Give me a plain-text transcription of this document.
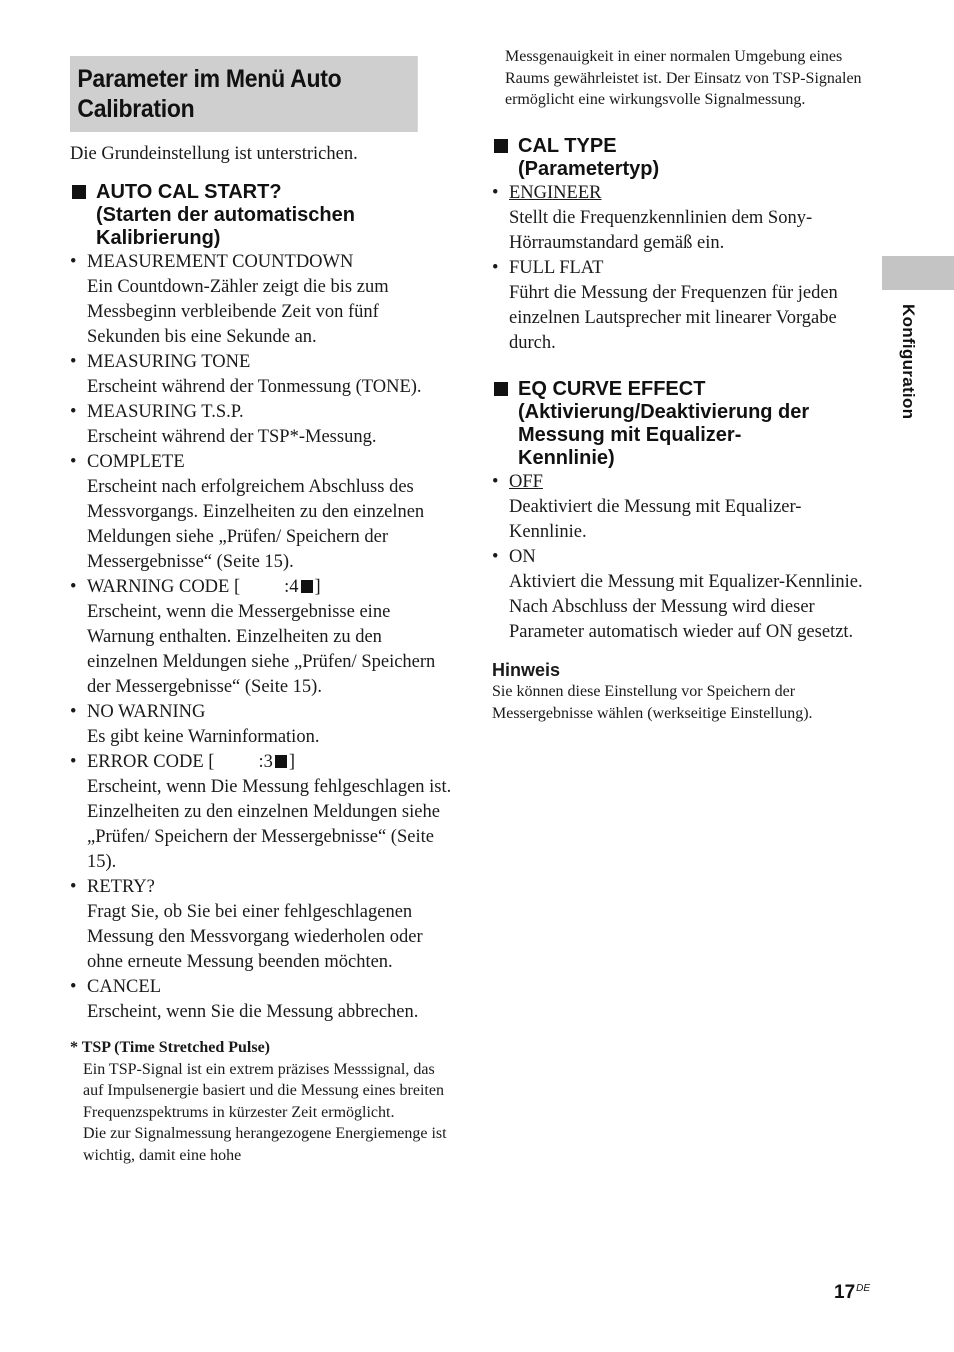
Parameter im Menü Auto
Calibration
Die Grundeinstellung ist unterstrichen.
AUTO CAL START?
(Starten der automatischen
Kalibrierung)
• MEASUREMENT COUNTDOWN
Ein Countdown-Zähler zeigt die bis zum Messbeginn verbleibende Zeit von fünf Sekunden bis eine Sekunde an.
• MEASURING TONE
Erscheint während der Tonmessung (TONE).
• MEASURING T.S.P.
Erscheint während der TSP*-Messung.
• COMPLETE
Erscheint nach erfolgreichem Abschluss des Messvorgangs. Einzelheiten zu den einzelnen Meldungen siehe „Prüfen/ Speichern der Messergebnisse“ (Seite 15).
• WARNING CODE [ :4 ]
Erscheint, wenn die Messergebnisse eine Warnung enthalten. Einzelheiten zu den einzelnen Meldungen siehe „Prüfen/ Speichern der Messergebnisse“ (Seite 15).
• NO WARNING
Es gibt keine Warninformation.
• ERROR CODE [ :3 ]
Erscheint, wenn Die Messung fehlgeschlagen ist. Einzelheiten zu den einzelnen Meldungen siehe „Prüfen/ Speichern der Messergebnisse“ (Seite 15).
• RETRY?
Fragt Sie, ob Sie bei einer fehlgeschlagenen Messung den Messvorgang wiederholen oder ohne erneute Messung beenden möchten.
• CANCEL
Erscheint, wenn Sie die Messung abbrechen.
* TSP (Time Stretched Pulse)
Ein TSP-Signal ist ein extrem präzises Messsignal, das auf Impulsenergie basiert und die Messung eines breiten Frequenzspektrums in kürzester Zeit ermöglicht.
Die zur Signalmessung herangezogene Energiemenge ist wichtig, damit eine hohe
Messgenauigkeit in einer normalen Umgebung eines Raums gewährleistet ist. Der Einsatz von TSP-Signalen ermöglicht eine wirkungsvolle Signalmessung.
CAL TYPE
(Parametertyp)
• ENGINEER
Stellt die Frequenzkennlinien dem Sony-Hörraumstandard gemäß ein.
• FULL FLAT
Führt die Messung der Frequenzen für jeden einzelnen Lautsprecher mit linearer Vorgabe durch.
EQ CURVE EFFECT
(Aktivierung/Deaktivierung der
Messung mit Equalizer-
Kennlinie)
• OFF
Deaktiviert die Messung mit Equalizer-Kennlinie.
• ON
Aktiviert die Messung mit Equalizer-Kennlinie.
Nach Abschluss der Messung wird dieser Parameter automatisch wieder auf ON gesetzt.
Hinweis
Sie können diese Einstellung vor Speichern der Messergebnisse wählen (werkseitige Einstellung).
Konfiguration
17DE
